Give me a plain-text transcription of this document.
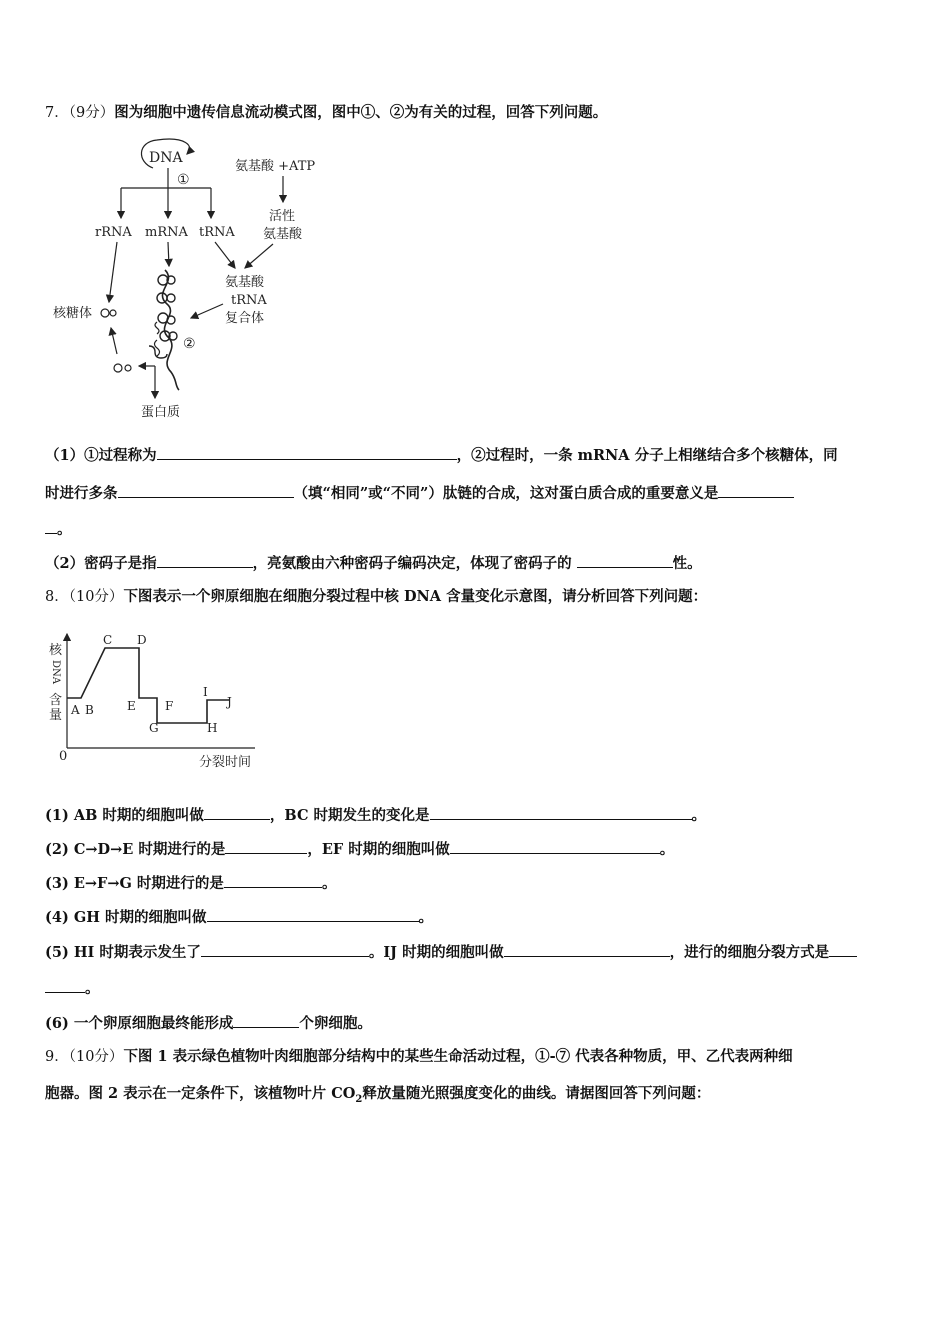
7．（9分）图为细胞中遗传信息流动模式图，图中①、②为有关的过程，回答下列问题。
DNA
①
rRNA mRNA tRNA
氨基酸 +ATP
活性
氨基酸
氨基酸
tRNA
复合体
核糖体
②
蛋白质
（1）①过程称为	，②过程时，一条 mRNA 分子上相继结合多个核糖体，同
时进行多条	（填“相同”或“不同”）肽链的合成，这对蛋白质合成的重要意义是
。
（2）密码子是指	，亮氨酸由六种密码子编码决定，体现了密码子的	性。
8．（10分）下图表示一个卵原细胞在细胞分裂过程中核 DNA 含量变化示意图，请分析回答下列问题：
核
DNA
含
量
0	分裂时间
A B
C D
E F
G	H
I
J
(1) AB 时期的细胞叫做	，BC 时期发生的变化是	。
(2) C→D→E 时期进行的是	，EF 时期的细胞叫做	。
(3) E→F→G 时期进行的是	。
(4) GH 时期的细胞叫做	。
(5) HI 时期表示发生了	。IJ 时期的细胞叫做	，进行的细胞分裂方式是
。
(6) 一个卵原细胞最终能形成	个卵细胞。
9．（10分）下图 1 表示绿色植物叶肉细胞部分结构中的某些生命活动过程，①-⑦ 代表各种物质，甲、乙代表两种细
胞器。图 2 表示在一定条件下，该植物叶片 $CO_2$释放量随光照强度变化的曲线。请据图回答下列问题：
